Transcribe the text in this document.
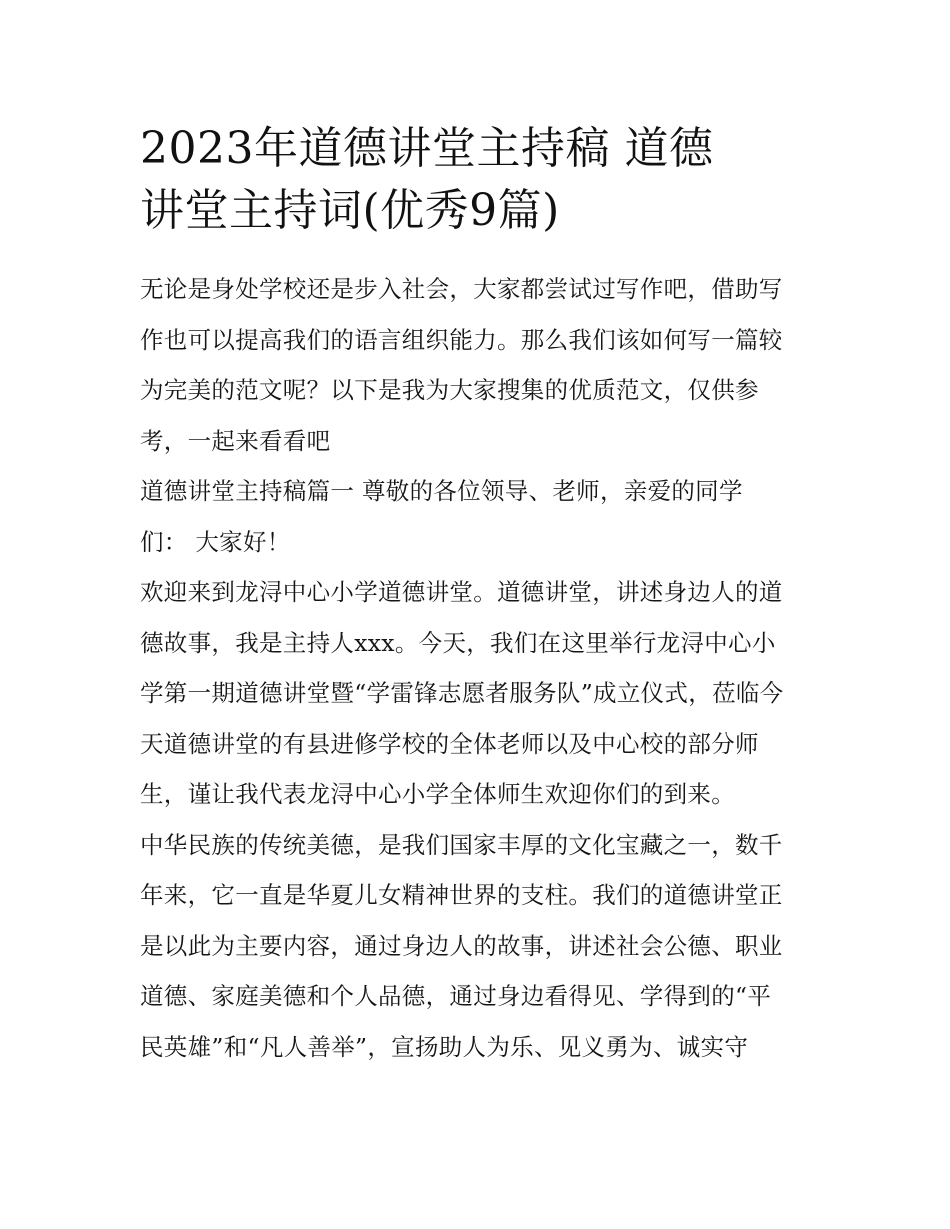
2023年道德讲堂主持稿 道德
讲堂主持词(优秀9篇)
无论是身处学校还是步入社会，大家都尝试过写作吧，借助写
作也可以提高我们的语言组织能力。那么我们该如何写一篇较
为完美的范文呢？以下是我为大家搜集的优质范文，仅供参
考，一起来看看吧
道德讲堂主持稿篇一 尊敬的各位领导、老师，亲爱的同学
们： 大家好！
欢迎来到龙浔中心小学道德讲堂。道德讲堂，讲述身边人的道
德故事，我是主持人xxx。今天，我们在这里举行龙浔中心小
学第一期道德讲堂暨“学雷锋志愿者服务队”成立仪式，莅临今
天道德讲堂的有县进修学校的全体老师以及中心校的部分师
生，谨让我代表龙浔中心小学全体师生欢迎你们的到来。
中华民族的传统美德，是我们国家丰厚的文化宝藏之一，数千
年来，它一直是华夏儿女精神世界的支柱。我们的道德讲堂正
是以此为主要内容，通过身边人的故事，讲述社会公德、职业
道德、家庭美德和个人品德，通过身边看得见、学得到的“平
民英雄”和“凡人善举”，宣扬助人为乐、见义勇为、诚实守
